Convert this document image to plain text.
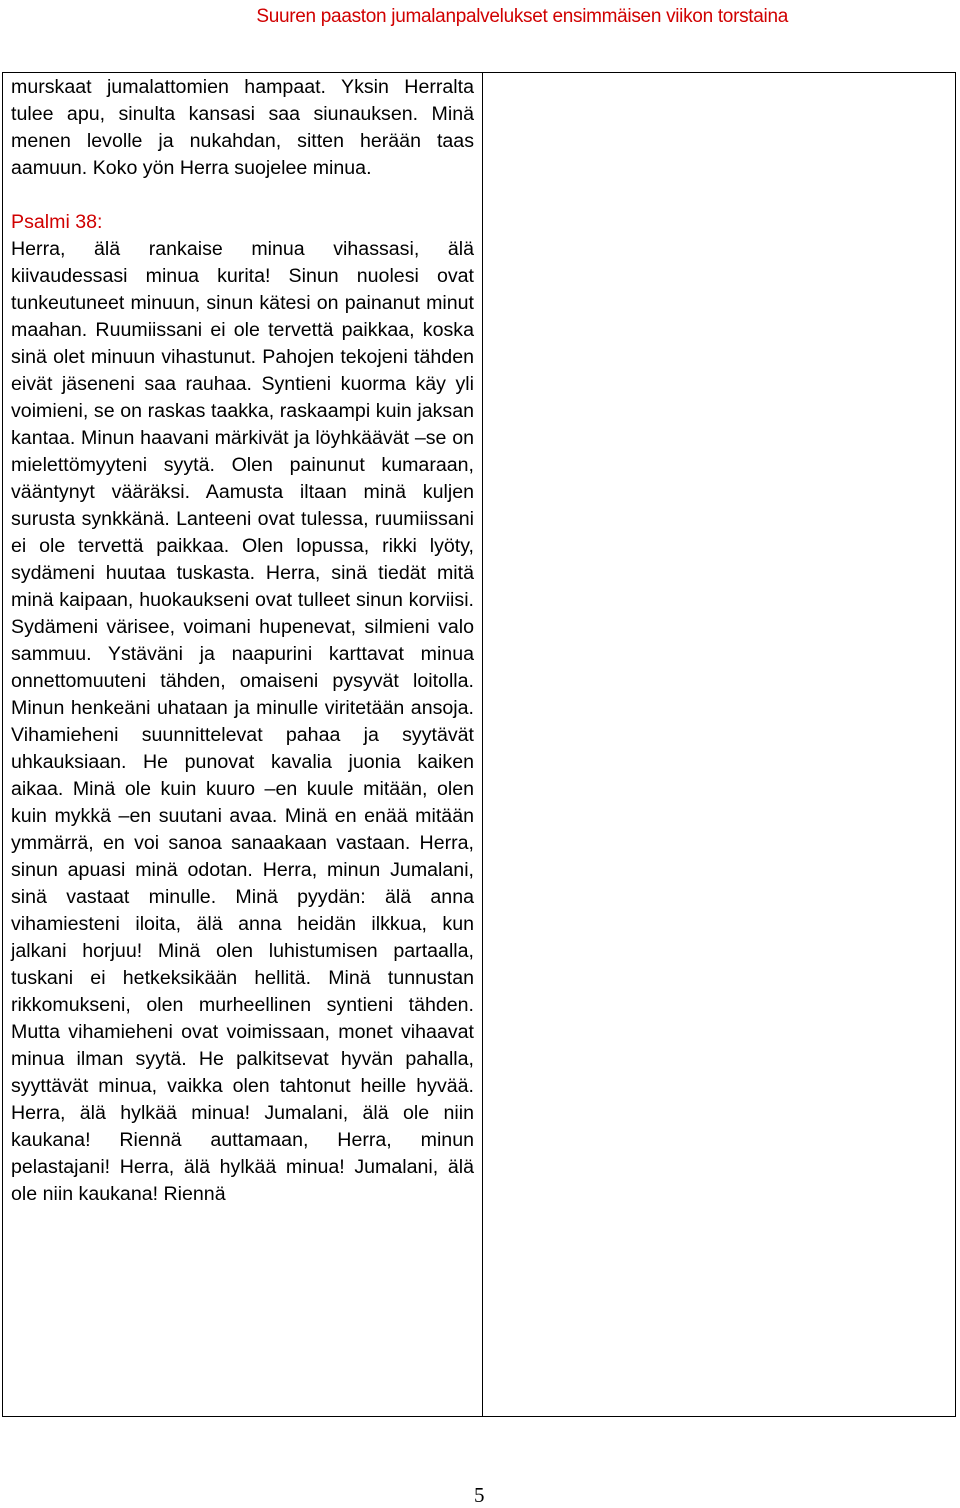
Suuren paaston jumalanpalvelukset ensimmäisen viikon torstaina

murskaat jumalattomien hampaat. Yksin Herralta tulee apu, sinulta kansasi saa siunauksen. Minä menen levolle ja nukahdan, sitten herään taas aamuun. Koko yön Herra suojelee minua.

Psalmi 38:

Herra, älä rankaise minua vihassasi, älä kiivaudessasi minua kurita! Sinun nuolesi ovat tunkeutuneet minuun, sinun kätesi on painanut minut maahan. Ruumiissani ei ole tervettä paikkaa, koska sinä olet minuun vihastunut. Pahojen tekojeni tähden eivät jäseneni saa rauhaa. Syntieni kuorma käy yli voimieni, se on raskas taakka, raskaampi kuin jaksan kantaa. Minun haavani märkivät ja löyhkäävät –se on mielettömyyteni syytä. Olen painunut kumaraan, vääntynyt vääräksi. Aamusta iltaan minä kuljen surusta synkkänä. Lanteeni ovat tulessa, ruumiissani ei ole tervettä paikkaa. Olen lopussa, rikki lyöty, sydämeni huutaa tuskasta. Herra, sinä tiedät mitä minä kaipaan, huokaukseni ovat tulleet sinun korviisi. Sydämeni värisee, voimani hupenevat, silmieni valo sammuu. Ystäväni ja naapurini karttavat minua onnettomuuteni tähden, omaiseni pysyvät loitolla. Minun henkeäni uhataan ja minulle viritetään ansoja. Vihamieheni suunnittelevat pahaa ja syytävät uhkauksiaan. He punovat kavalia juonia kaiken aikaa. Minä ole kuin kuuro –en kuule mitään, olen kuin mykkä –en suutani avaa. Minä en enää mitään ymmärrä, en voi sanoa sanaakaan vastaan. Herra, sinun apuasi minä odotan. Herra, minun Jumalani, sinä vastaat minulle. Minä pyydän: älä anna vihamiesteni iloita, älä anna heidän ilkkua, kun jalkani horjuu! Minä olen luhistumisen partaalla, tuskani ei hetkeksikään hellitä. Minä tunnustan rikkomukseni, olen murheellinen syntieni tähden. Mutta vihamieheni ovat voimissaan, monet vihaavat minua ilman syytä. He palkitsevat hyvän pahalla, syyttävät minua, vaikka olen tahtonut heille hyvää. Herra, älä hylkää minua! Jumalani, älä ole niin kaukana! Riennä auttamaan, Herra, minun pelastajani! Herra, älä hylkää minua! Jumalani, älä ole niin kaukana! Riennä

5
